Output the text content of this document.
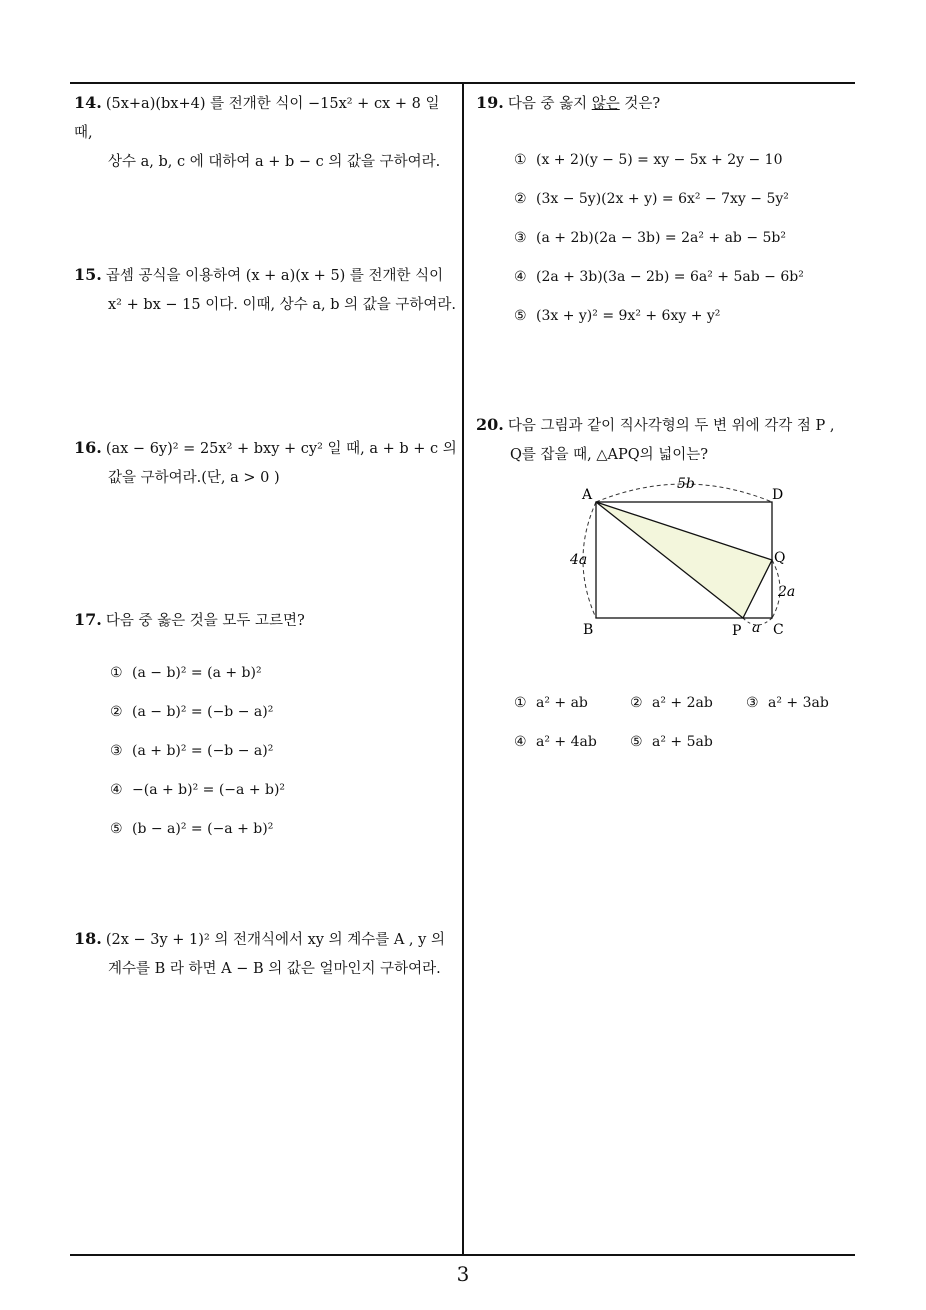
14. (5x+a)(bx+4) 를 전개한 식이 −15x² + cx + 8 일 때,
상수 a, b, c 에 대하여 a + b − c 의 값을 구하여라.
15. 곱셈 공식을 이용하여 (x + a)(x + 5) 를 전개한 식이
x² + bx − 15 이다. 이때, 상수 a, b 의 값을 구하여라.
16. (ax − 6y)² = 25x² + bxy + cy² 일 때, a + b + c 의
값을 구하여라.(단, a > 0 )
17. 다음 중 옳은 것을 모두 고르면?
① (a − b)² = (a + b)²
② (a − b)² = (−b − a)²
③ (a + b)² = (−b − a)²
④ −(a + b)² = (−a + b)²
⑤ (b − a)² = (−a + b)²
18. (2x − 3y + 1)² 의 전개식에서 xy 의 계수를 A , y 의
계수를 B 라 하면 A − B 의 값은 얼마인지 구하여라.
19. 다음 중 옳지 않은 것은?
① (x + 2)(y − 5) = xy − 5x + 2y − 10
② (3x − 5y)(2x + y) = 6x² − 7xy − 5y²
③ (a + 2b)(2a − 3b) = 2a² + ab − 5b²
④ (2a + 3b)(3a − 2b) = 6a² + 5ab − 6b²
⑤ (3x + y)² = 9x² + 6xy + y²
20. 다음 그림과 같이 직사각형의 두 변 위에 각각 점 P ,
Q를 잡을 때, △APQ의 넓이는?
① a² + ab	② a² + 2ab ③ a² + 3ab
④ a² + 4ab ⑤ a² + 5ab
A	D
B	C
P
Q
5b
4a
2a
a
3
